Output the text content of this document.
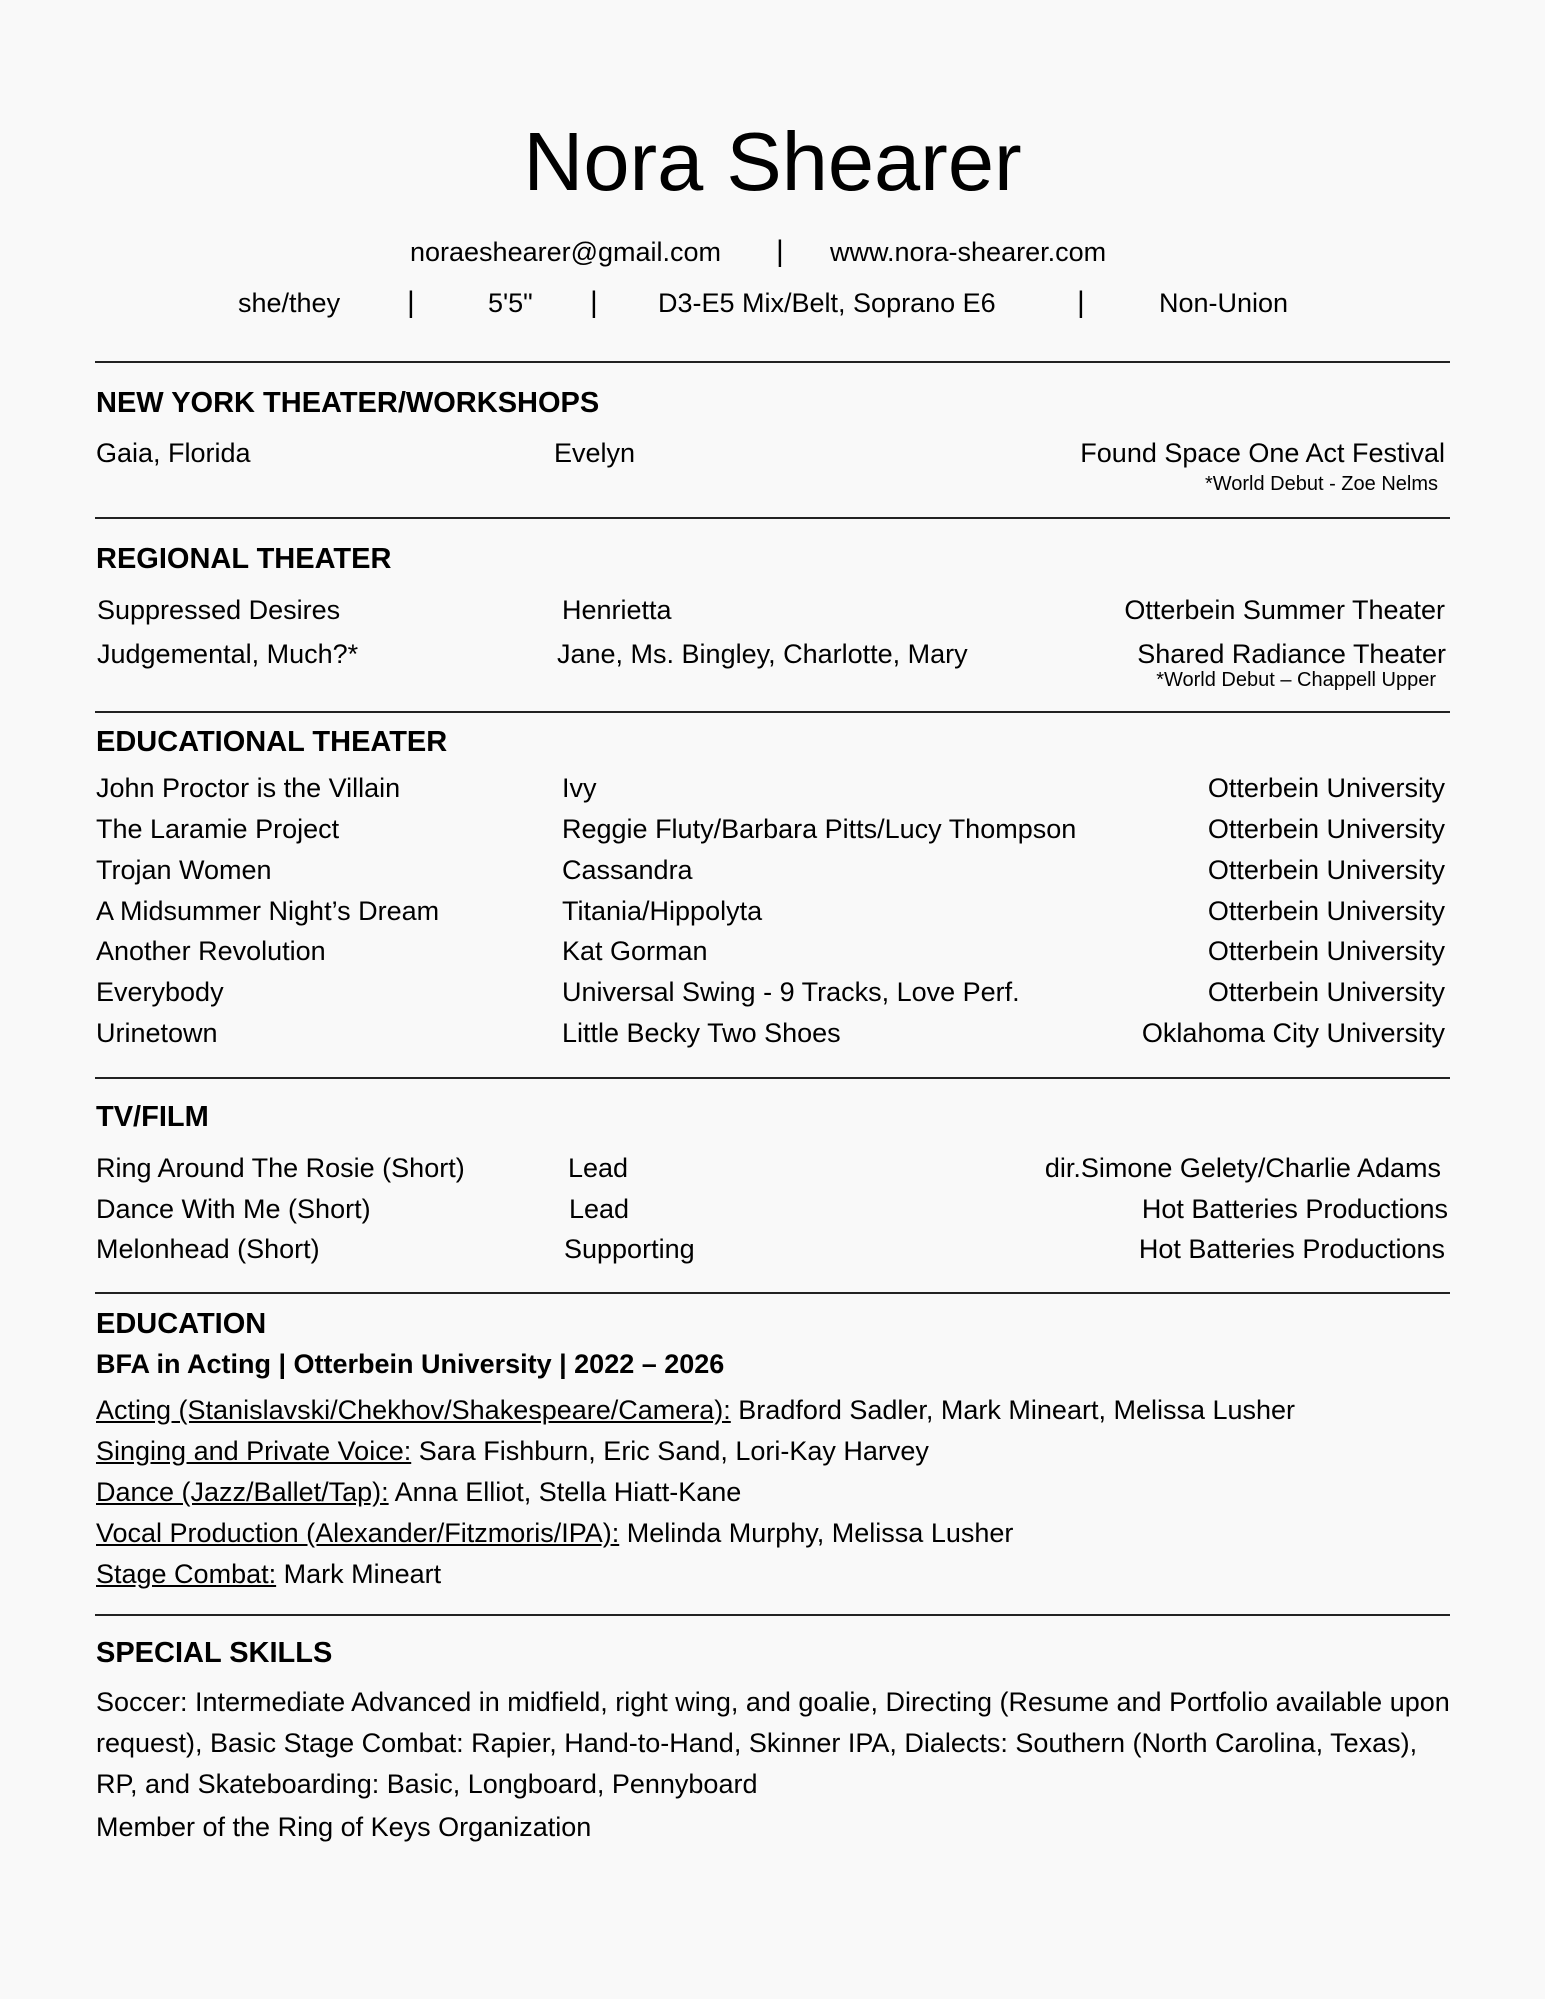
Nora Shearer
noraeshearer@gmail.com | www.nora-shearer.com
she/they |	5'5" | D3-E5 Mix/Belt, Soprano E6	|	Non-Union
NEW YORK THEATER/WORKSHOPS
Gaia, Florida	Evelyn	Found Space One Act Festival
*World Debut - Zoe Nelms
REGIONAL THEATER
Suppressed Desires	Henrietta	Otterbein Summer Theater
Judgemental, Much?*	Jane, Ms. Bingley, Charlotte, Mary	Shared Radiance Theater
*World Debut – Chappell Upper
EDUCATIONAL THEATER
John Proctor is the Villain	Ivy	Otterbein University
The Laramie Project	Reggie Fluty/Barbara Pitts/Lucy Thompson	Otterbein University
Trojan Women	Cassandra	Otterbein University
A Midsummer Night’s Dream	Titania/Hippolyta	Otterbein University
Another Revolution	Kat Gorman	Otterbein University
Everybody	Universal Swing - 9 Tracks, Love Perf.	Otterbein University
Urinetown	Little Becky Two Shoes	Oklahoma City University
TV/FILM
Ring Around The Rosie (Short)	Lead	dir.Simone Gelety/Charlie Adams
Dance With Me (Short)	Lead	Hot Batteries Productions
Melonhead (Short)	Supporting	Hot Batteries Productions
EDUCATION
BFA in Acting | Otterbein University | 2022 – 2026
Acting (Stanislavski/Chekhov/Shakespeare/Camera): Bradford Sadler, Mark Mineart, Melissa Lusher
Singing and Private Voice: Sara Fishburn, Eric Sand, Lori-Kay Harvey
Dance (Jazz/Ballet/Tap): Anna Elliot, Stella Hiatt-Kane
Vocal Production (Alexander/Fitzmoris/IPA): Melinda Murphy, Melissa Lusher
Stage Combat: Mark Mineart
SPECIAL SKILLS
Soccer: Intermediate Advanced in midfield, right wing, and goalie, Directing (Resume and Portfolio available upon request), Basic Stage Combat: Rapier, Hand-to-Hand, Skinner IPA, Dialects: Southern (North Carolina, Texas), RP, and Skateboarding: Basic, Longboard, Pennyboard
Member of the Ring of Keys Organization
